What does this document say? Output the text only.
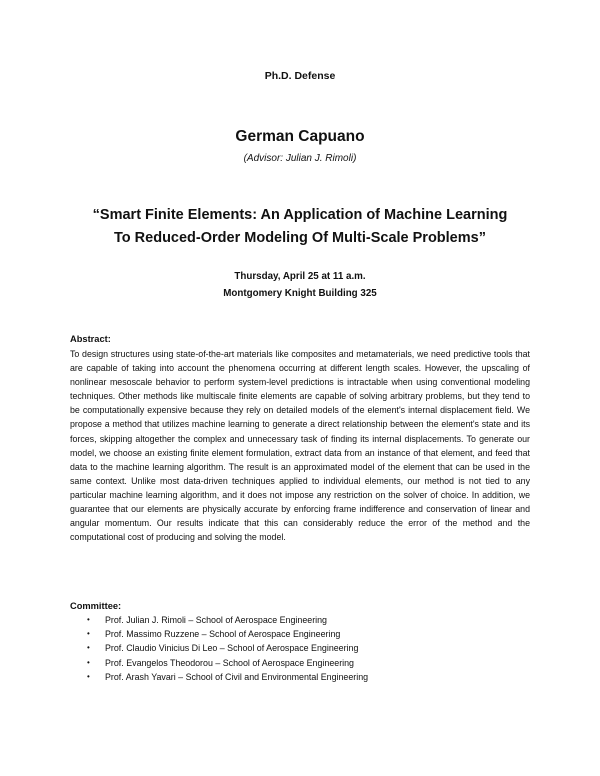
Ph.D. Defense
German Capuano
(Advisor: Julian J. Rimoli)
“Smart Finite Elements: An Application of Machine Learning
To Reduced-Order Modeling Of Multi-Scale Problems”
Thursday, April 25 at 11 a.m.
Montgomery Knight Building 325
Abstract:
To design structures using state-of-the-art materials like composites and metamaterials, we need predictive tools that are capable of taking into account the phenomena occurring at different length scales. However, the upscaling of nonlinear mesoscale behavior to perform system-level predictions is intractable when using conventional modeling techniques. Other methods like multiscale finite elements are capable of solving arbitrary problems, but they tend to be computationally expensive because they rely on detailed models of the element's internal displacement field. We propose a method that utilizes machine learning to generate a direct relationship between the element's state and its forces, skipping altogether the complex and unnecessary task of finding its internal displacements. To generate our model, we choose an existing finite element formulation, extract data from an instance of that element, and feed that data to the machine learning algorithm. The result is an approximated model of the element that can be used in the same context. Unlike most data-driven techniques applied to individual elements, our method is not tied to any particular machine learning algorithm, and it does not impose any restriction on the solver of choice. In addition, we guarantee that our elements are physically accurate by enforcing frame indifference and conservation of linear and angular momentum. Our results indicate that this can considerably reduce the error of the method and the computational cost of producing and solving the model.
Committee:
• Prof. Julian J. Rimoli – School of Aerospace Engineering
• Prof. Massimo Ruzzene – School of Aerospace Engineering
• Prof. Claudio Vinicius Di Leo – School of Aerospace Engineering
• Prof. Evangelos Theodorou – School of Aerospace Engineering
• Prof. Arash Yavari – School of Civil and Environmental Engineering
